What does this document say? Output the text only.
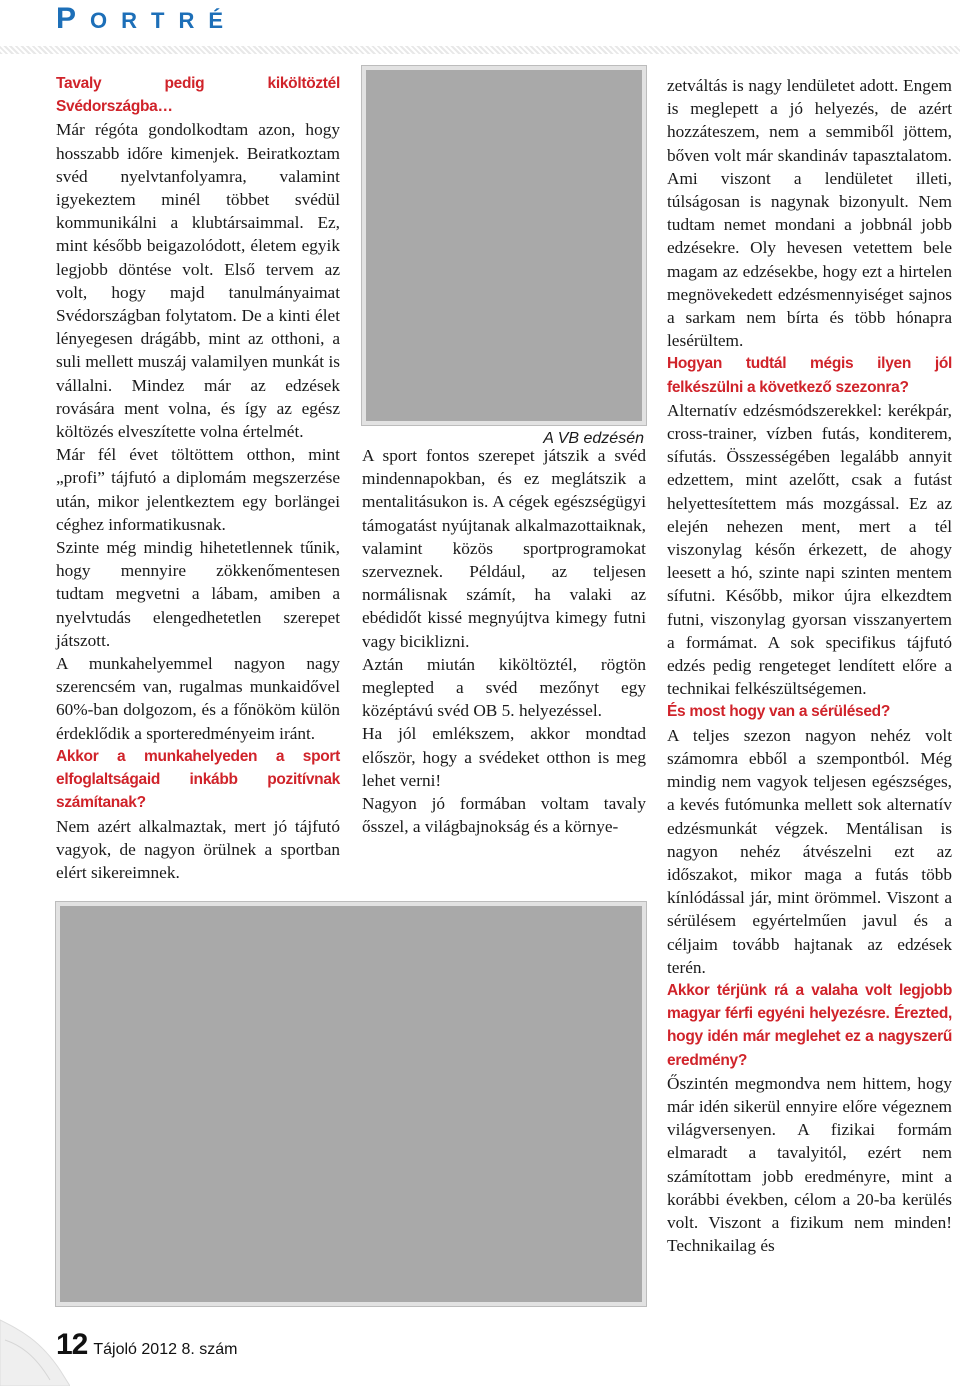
PORTRÉ

Tavaly pedig kiköltöztél Svédországba…

Már régóta gondolkodtam azon, hogy hosszabb időre kimenjek. Beiratkoztam svéd nyelvtanfolyamra, valamint igyekeztem minél többet svédül kommunikálni a klubtársaimmal. Ez, mint később beigazolódott, életem egyik legjobb döntése volt. Első tervem az volt, hogy majd tanulmányaimat Svédországban folytatom. De a kinti élet lényegesen drágább, mint az otthoni, a suli mellett muszáj valamilyen munkát is vállalni. Mindez már az edzések rovására ment volna, és így az egész költözés elveszítette volna értelmét.

Már fél évet töltöttem otthon, mint „profi” tájfutó a diplomám megszerzése után, mikor jelentkeztem egy borlängei céghez informatikusnak.

Szinte még mindig hihetetlennek tűnik, hogy mennyire zökkenőmentesen tudtam megvetni a lábam, amiben a nyelvtudás elengedhetetlen szerepet játszott.

A munkahelyemmel nagyon nagy szerencsém van, rugalmas munkaidővel 60%-ban dolgozom, és a főnököm külön érdeklődik a sporteredményeim iránt.

Akkor a munkahelyeden a sport elfoglaltságaid inkább pozitívnak számítanak?

Nem azért alkalmaztak, mert jó tájfutó vagyok, de nagyon örülnek a sportban elért sikereimnek.

A VB edzésén

A sport fontos szerepet játszik a svéd mindennapokban, és ez meglátszik a mentalitásukon is. A cégek egészségügyi támogatást nyújtanak alkalmazottaiknak, valamint közös sportprogramokat szerveznek. Például, az teljesen normálisnak számít, ha valaki az ebédidőt kissé megnyújtva kimegy futni vagy biciklizni.

Aztán miután kiköltöztél, rögtön meglepted a svéd mezőnyt egy középtávú svéd OB 5. helyezéssel.

Ha jól emlékszem, akkor mondtad először, hogy a svédeket otthon is meg lehet verni!

Nagyon jó formában voltam tavaly ősszel, a világbajnokság és a környe-

zetváltás is nagy lendületet adott. Engem is meglepett a jó helyezés, de azért hozzáteszem, nem a semmiből jöttem, bőven volt már skandináv tapasztalatom. Ami viszont a lendületet illeti, túlságosan is nagynak bizonyult. Nem tudtam nemet mondani a jobbnál jobb edzésekre. Oly hevesen vetettem bele magam az edzésekbe, hogy ezt a hirtelen megnövekedett edzésmennyiséget sajnos a sarkam nem bírta és több hónapra lesérültem.

Hogyan tudtál mégis ilyen jól felkészülni a következő szezonra?

Alternatív edzésmódszerekkel: kerékpár, cross-trainer, vízben futás, konditerem, sífutás. Összességében legalább annyit edzettem, mint azelőtt, csak a futást helyettesítettem más mozgással. Ez az elején nehezen ment, mert a tél viszonylag későn érkezett, de ahogy leesett a hó, szinte napi szinten mentem sífutni. Később, mikor újra elkezdtem futni, viszonylag gyorsan visszanyertem a formámat. A sok specifikus tájfutó edzés pedig rengeteget lendített előre a technikai felkészültségemen.

És most hogy van a sérülésed?

A teljes szezon nagyon nehéz volt számomra ebből a szempontból. Még mindig nem vagyok teljesen egészséges, a kevés futómunka mellett sok alternatív edzésmunkát végzek. Mentálisan is nagyon nehéz átvészelni ezt az időszakot, mikor maga a futás több kínlódással jár, mint örömmel. Viszont a sérülésem egyértelműen javul és a céljaim tovább hajtanak az edzések terén.

Akkor térjünk rá a valaha volt legjobb magyar férfi egyéni helyezésre. Érezted, hogy idén már meglehet ez a nagyszerű eredmény?

Őszintén megmondva nem hittem, hogy már idén sikerül ennyire előre végeznem világversenyen. A fizikai formám elmaradt a tavalyitól, ezért nem számítottam jobb eredményre, mint a korábbi években, célom a 20-ba kerülés volt. Viszont a fizikum nem minden! Technikailag és

12 Tájoló 2012 8. szám
